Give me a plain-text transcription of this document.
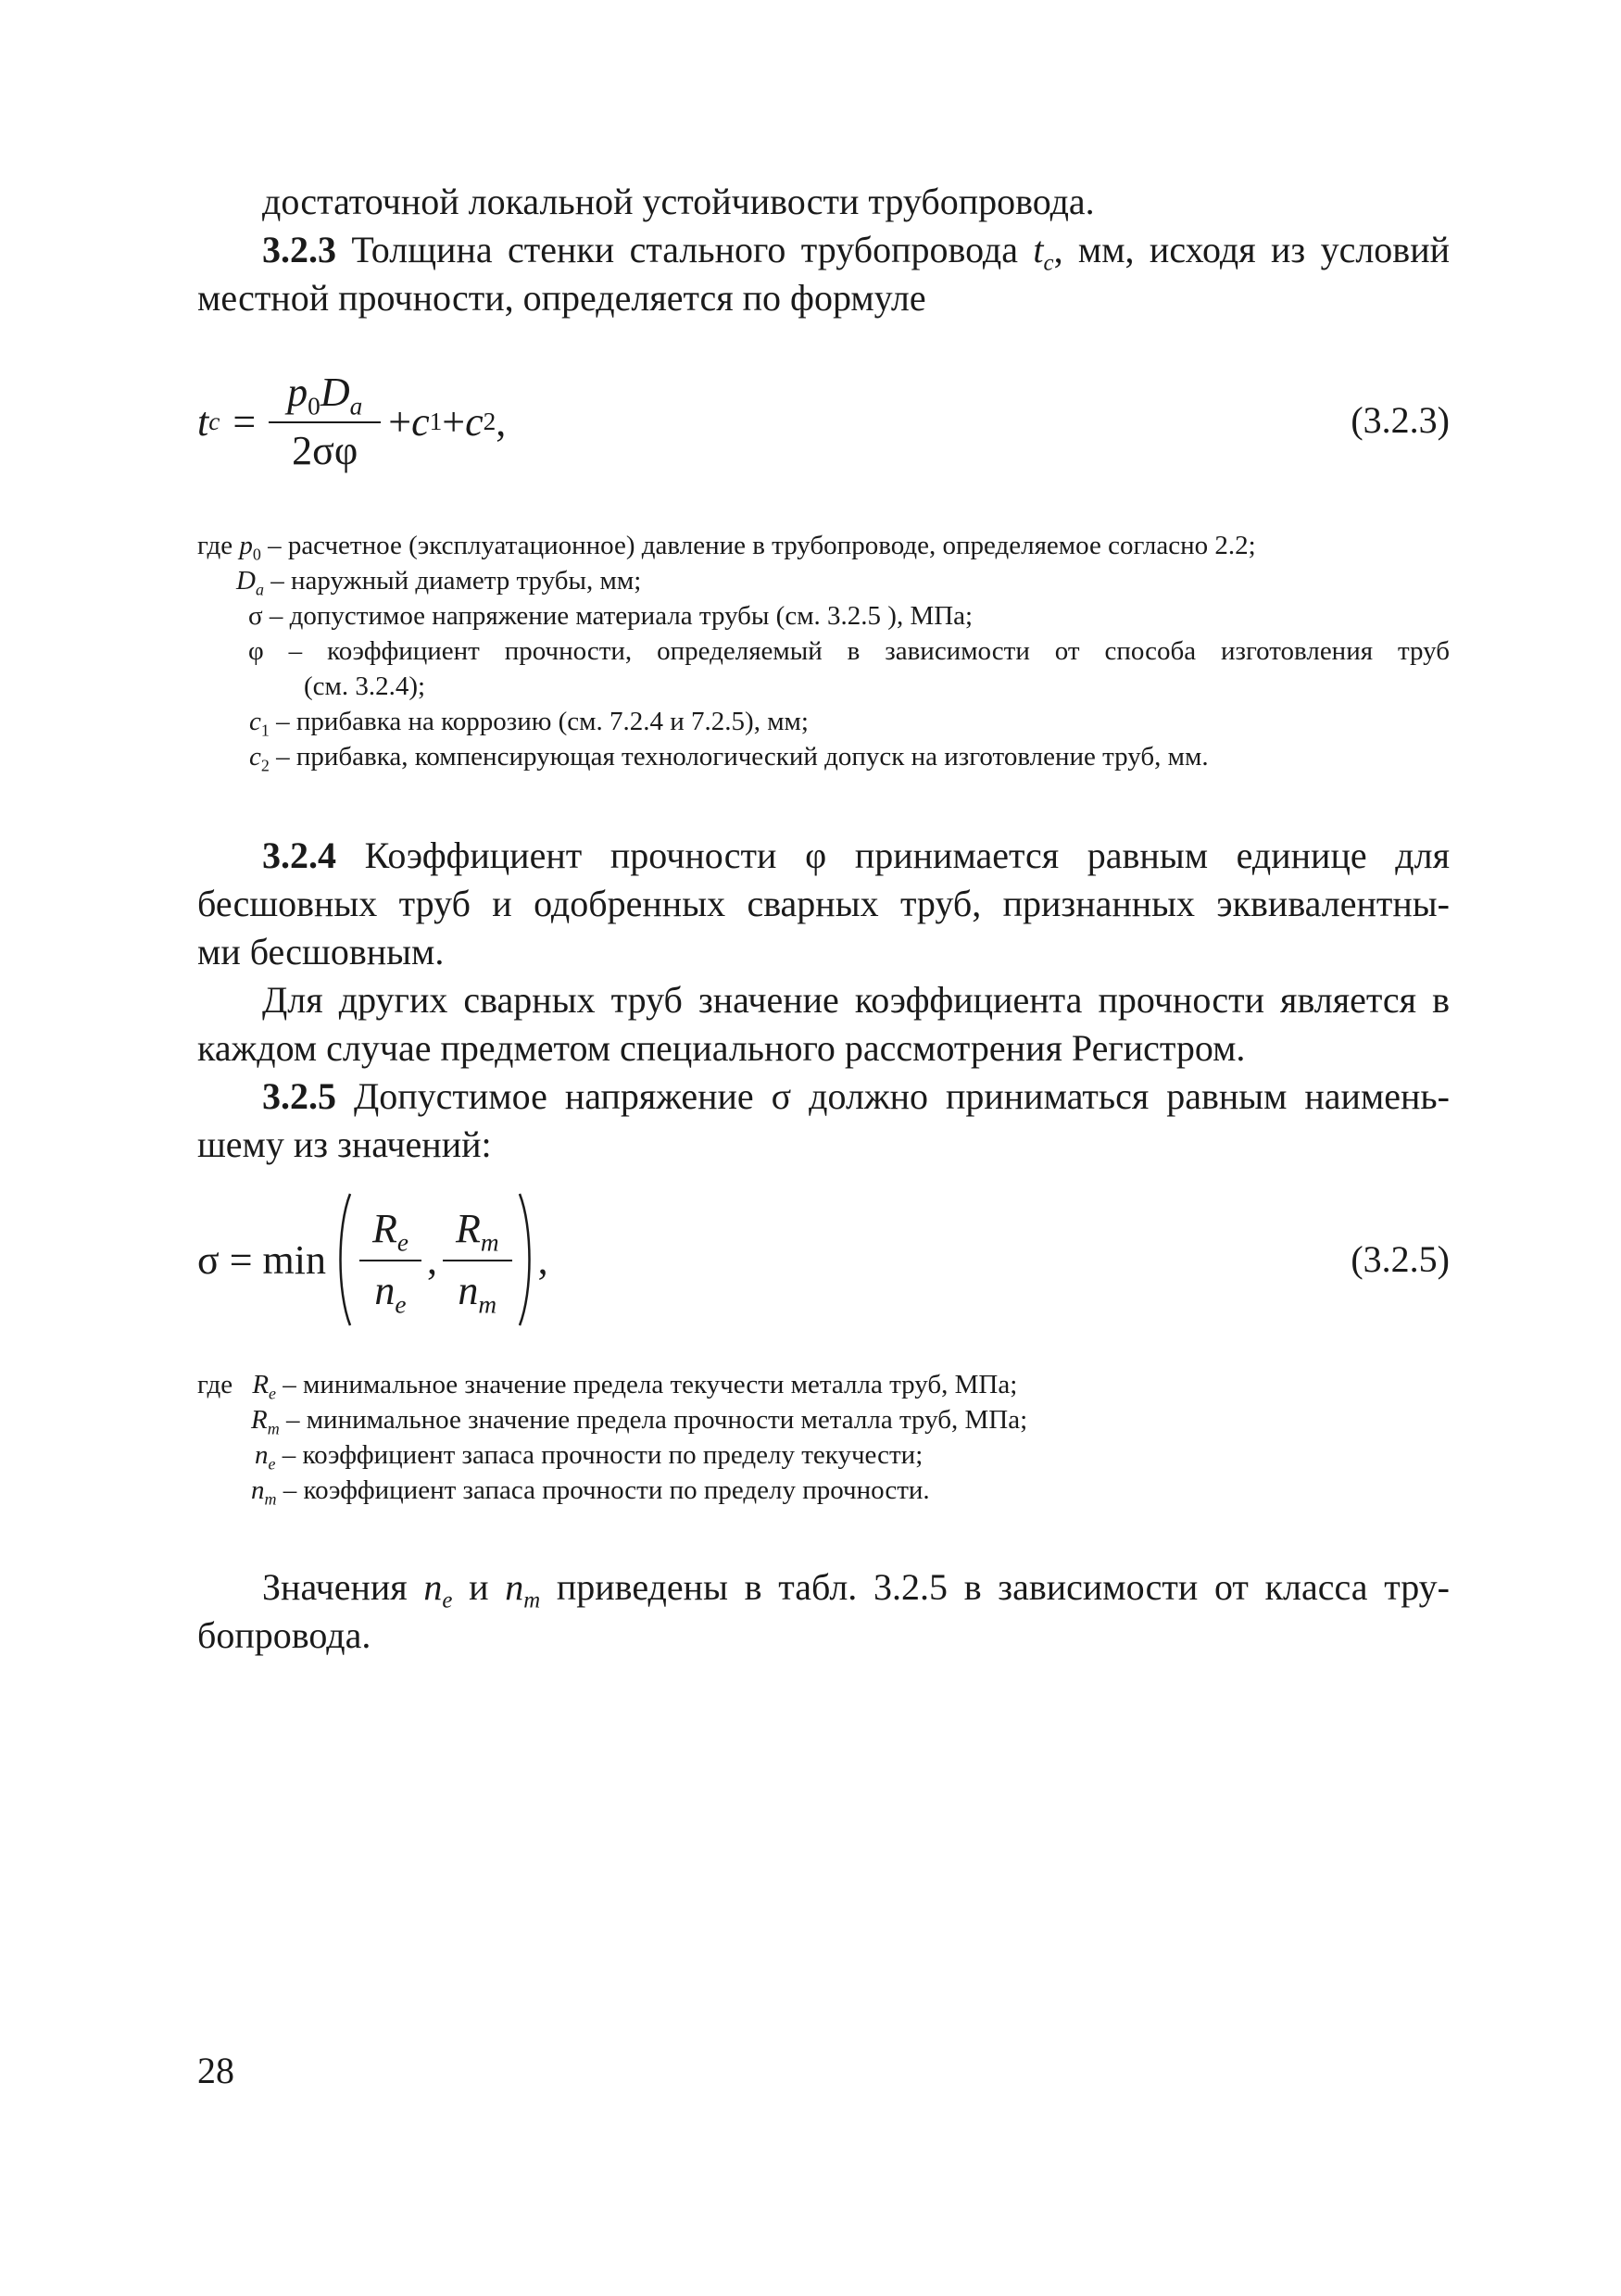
достаточной локальной устойчивости трубопровода.
3.2.3 Толщина стенки стального трубопровода $t_c$, мм, исходя из условий
местной прочности, определяется по формуле
t $c = \frac{p_0D_a}{2\sigma\varphi} + c$ 1 + c 2 ,	(3.2.3)
где $p_0$ – расчетное (эксплуатационное) давление в трубопроводе, определяемое согласно 2.2;
$D_a$ – наружный диаметр трубы, мм;
σ – допустимое напряжение материала трубы (см. 3.2.5 ), МПа;
φ – коэффициент прочности, определяемый в зависимости от способа изготовления труб
(см. 3.2.4);
$c_1$ – прибавка на коррозию (см. 7.2.4 и 7.2.5), мм;
$c_2$ – прибавка, компенсирующая технологический допуск на изготовление труб, мм.
3.2.4 Коэффициент прочности φ принимается равным единице для
бесшовных труб и одобренных сварных труб, признанных эквивалентны-
ми бесшовным.
Для других сварных труб значение коэффициента прочности является в
каждом случае предметом специального рассмотрения Регистром.
3.2.5 Допустимое напряжение σ должно приниматься равным наимень-
шему из значений:
$\sigma = \min \frac{R_e}{n_e}$ , $\frac{R_m}{n_m}$ ,	(3.2.5)
где $R_e$ – минимальное значение предела текучести металла труб, МПа;
$R_m$ – минимальное значение предела прочности металла труб, МПа;
$n_e$ – коэффициент запаса прочности по пределу текучести;
$n_m$ – коэффициент запаса прочности по пределу прочности.
Значения $n_e$ и $n_m$ приведены в табл. 3.2.5 в зависимости от класса тру-
бопровода.
28
